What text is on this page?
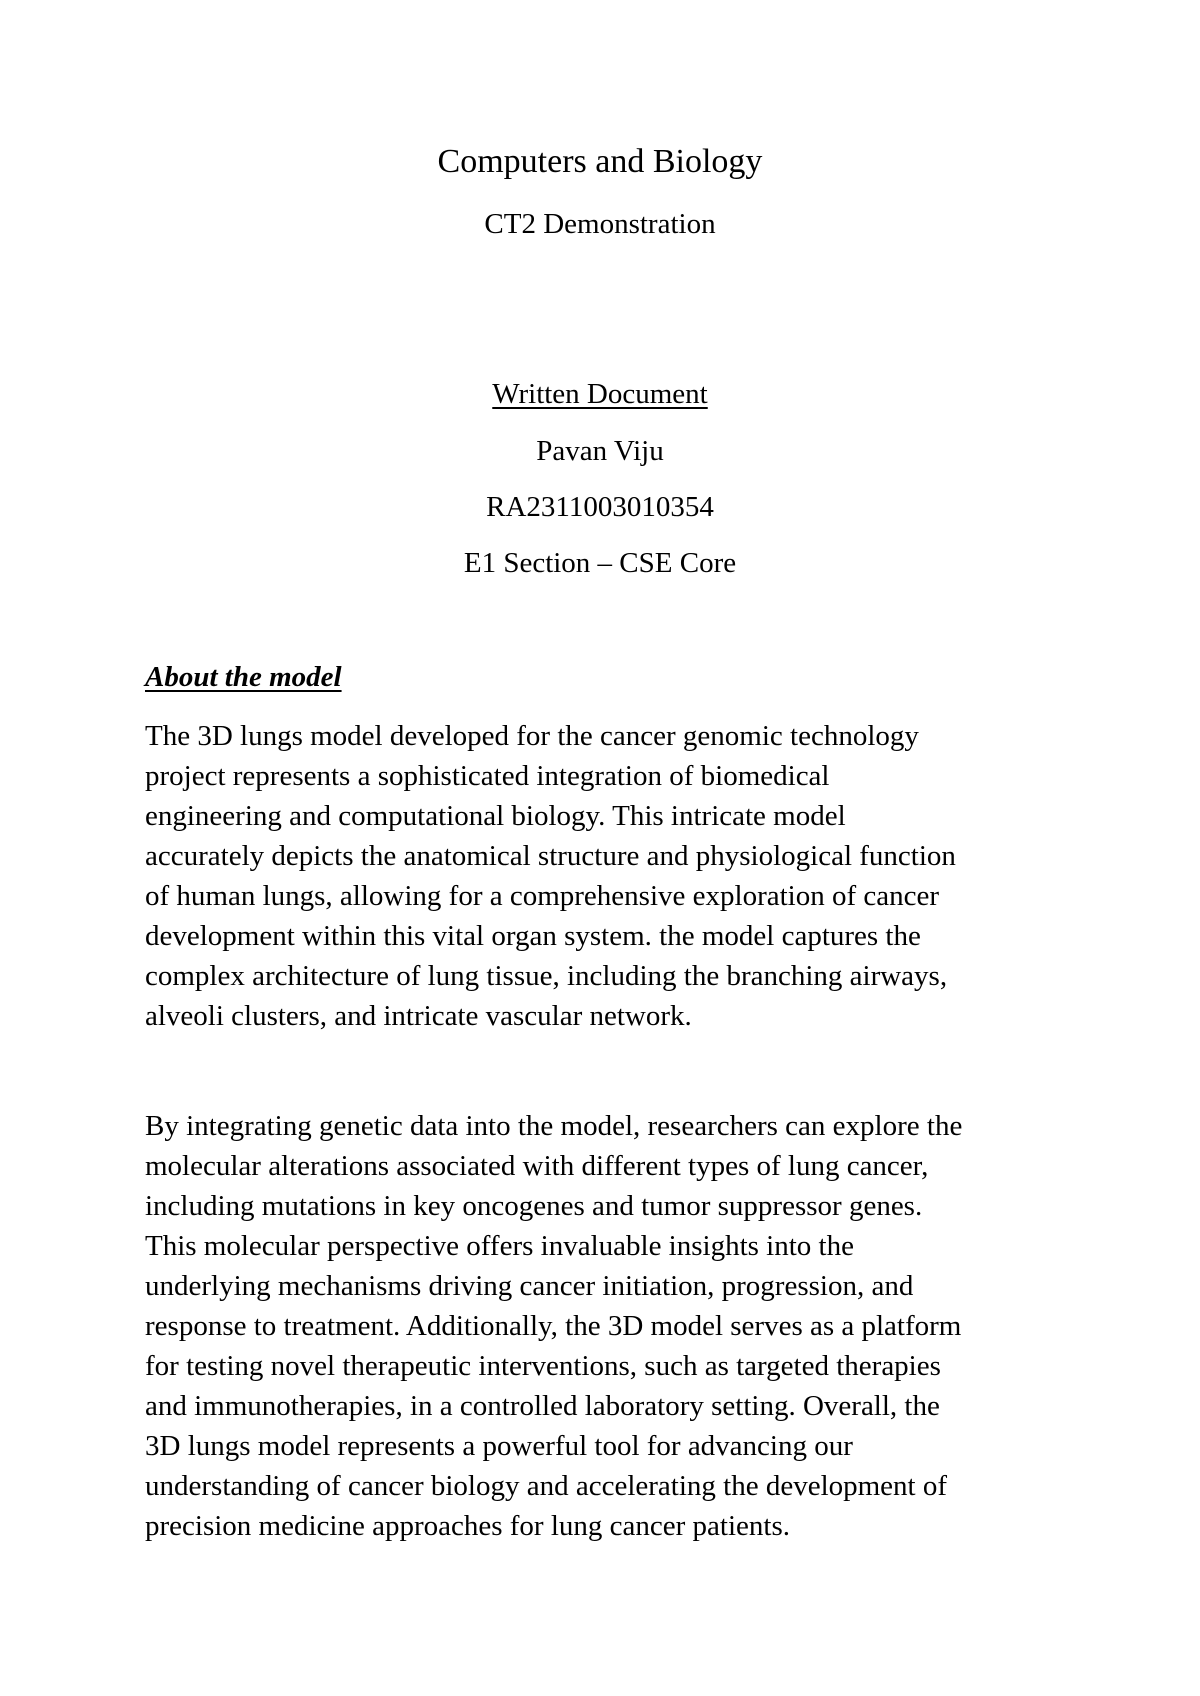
Computers and Biology
CT2 Demonstration
Written Document
Pavan Viju
RA2311003010354
E1 Section – CSE Core
About the model
The 3D lungs model developed for the cancer genomic technology
project represents a sophisticated integration of biomedical
engineering and computational biology. This intricate model
accurately depicts the anatomical structure and physiological function
of human lungs, allowing for a comprehensive exploration of cancer
development within this vital organ system. the model captures the
complex architecture of lung tissue, including the branching airways,
alveoli clusters, and intricate vascular network.
By integrating genetic data into the model, researchers can explore the
molecular alterations associated with different types of lung cancer,
including mutations in key oncogenes and tumor suppressor genes.
This molecular perspective offers invaluable insights into the
underlying mechanisms driving cancer initiation, progression, and
response to treatment. Additionally, the 3D model serves as a platform
for testing novel therapeutic interventions, such as targeted therapies
and immunotherapies, in a controlled laboratory setting. Overall, the
3D lungs model represents a powerful tool for advancing our
understanding of cancer biology and accelerating the development of
precision medicine approaches for lung cancer patients.
